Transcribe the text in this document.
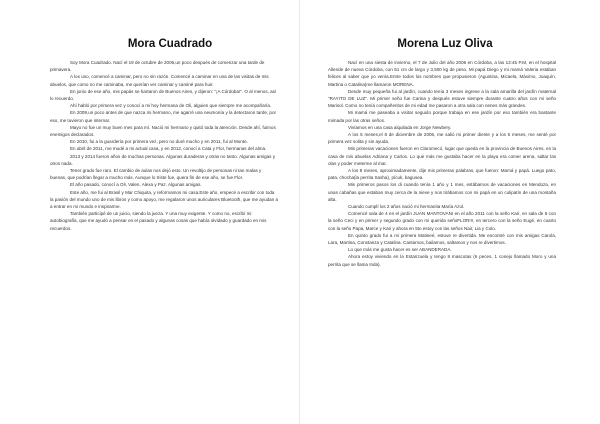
Mora Cuadrado

Soy Mora Cuadrado. Nací el 19 de octubre de 2006,un poco después de comenzar una tarde de primavera.

A los uno, comencé a caminar, pero no sin razón. Comencé a caminar en una de las visitas de mis abuelos, que como no me caminaba, me querían ver caminar y caminé para huir.

En junio de ese año, mis papás se hartaron de Buenos Aires, y dijeron: "¡A Córdoba!". O al menos, así lo recuerdo.

Ahí habló por primera vez y conocí a mi hoy hermana de Oli, alguien que siempre me acompañaría.

En 2009,un poco antes de que nazca mi hermano, me agarré una neumonía y la detectaron tarde, por eso, me tuvieron que internar.

Mayo no fue un muy buen mes para mí. Nació mi hermano y quitó toda la atención. Desde ahí, fuimos enemigos declarados.

En 2010, fui a la guardería por primera vez, pero no duré mucho y en 2011, fui al Monte.

En abril de 2011, me mudé a mi actual casa, y en 2012, conocí a Cata y Flor, hermanas del alma.

2013 y 2014 fueron años de muchas personas. Algunas duraderas y otras no tanto. Algunas amigas y otros nada.

Tener grado fue raro. El cambio de aulas nos dejó esto. Un revoltijo de personas ni tan malas y buenas, que podrían llegar a mucho más. Aunque lo triste fue, quera fin de ese año, se fue Flor.

El año pasado, conocí a Oli, Valen, Alexa y Paz. Algunas amigas.

Este año, me fui al Brasil y Mar Chiquita, y reformamos mi casa.Este año, empecé a escribir con toda la pasión del mundo uno de mis libros y como apoyo, me regalaron unos auriculares Bluetooth, que me ayudan a a entrar en mi mundo e inspirarme.

También participé de un juicio, siendo la jueza. Y una muy exigente. Y como no, escribí mi autobiografía, que me ayudó a pensar en el pasado y algunas cosas que había olvidado y guardado en mis recuerdos.

Morena Luz Oliva

Nací en una siesta de invierno, el 7 de Julio del año 2006 en Córdoba, a las 13:45 P.M, en el hospital Allende de nueva Córdoba, con 51 cm de largo y 3,500 kg de peso. Mi papá Diego y mi mamá Valeria estaban felices al saber que yo venía.Entre todos los nombres que propusieron (Agustina, Micaela, Máximo, Joaquín, Martina o Catalina)me llamaron MORENA.

Desde muy pequeña fui al jardín, cuando tenía 3 meses ingrese a la sala amarilla del jardín maternal "RAYITO DE LUZ". Mi primer seño fue Carina y después estuve siempre durante cuatro años con mi seño Marisol. Como no tenía compañeritos de mi edad me pasaron a otra sala con nenes más grandes.

Mi mamá me paseaba a visitar seguido porque trabaja en ese jardín por eso también era bastante mimada por las otras seños.

Vivíamos en una casa alquilada en Jorge Newbery.

A los 5 meses,el 8 de diciembre de 2006, me salió mi primer diente y a los 6 meses, me senté por primera vez solita y sin ayuda.

Mis primeras vacaciones fueron en Claromecó, lugar que queda en la provincia de Buenos Aires, en la casa de mis abuelas Adriana y Carlos. Lo que más me gustaba hacer en la playa era comer arena, saltar las olas y poder meterme al mar.

A los 8 meses, aproximadamente, dije mis primeras palabras, que fueron: Mamá y papá. Luego pato, pata, chocha(la perrita Sasha), pícuk, bagusea.

Mis primeros pasos los di cuando tenía 1 año y 1 mes, estábamos de vacaciones en Mendoza, en unas cabañas que estaban muy cerca de la nieve y nos tirábamos con mi papá en un culipatín de una montaña alta.

Cuando cumplí los 2 años nació mi hermanita María Azul.

Comencé sala de 4 en el jardín JUAN MANTOVANI en el año 2011 con la seño Kari, en sala de 5 con la seño Ceci y en primer y segundo grado con mi querida señoFLOR!!!, en tercero con la seño Eugé, en cuarto con la seño Papa, Marce y Kari y ahora en 5to estoy con las seños Nair, Lia y Colo.

En quinto grado fui a mi primera Matineé, estuve re divertida. Me encontré con mis amigas Carola, Lara, Martina, Constanza y Catalina. Cantamos, bailamos, saltamos y nos re divertimos.

Lo que más me gusta hacer es ser ABANDERADA.

Ahora estoy viviendo en la Estanzuela y tengo 8 mascotas (6 peces, 1 conejo llamado Moro y una perrita que se llama Inda).
